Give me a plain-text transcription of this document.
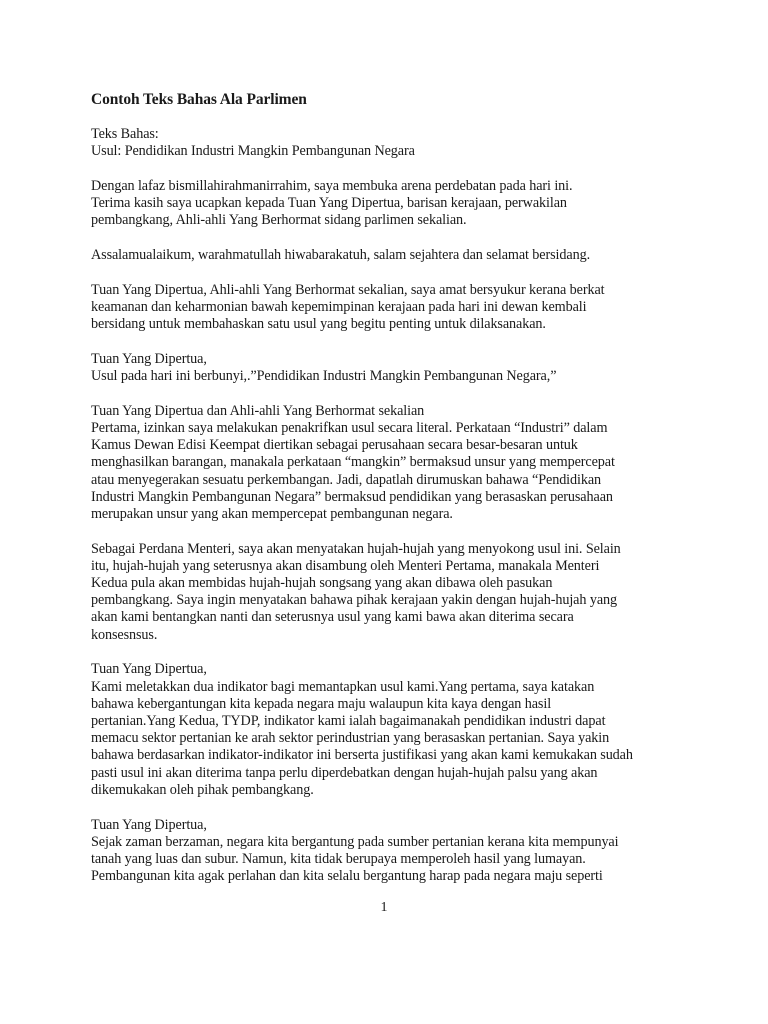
Contoh Teks Bahas Ala Parlimen
Teks Bahas:
Usul: Pendidikan Industri Mangkin Pembangunan Negara
Dengan lafaz bismillahirahmanirrahim, saya membuka arena perdebatan pada hari ini.
Terima kasih saya ucapkan kepada Tuan Yang Dipertua, barisan kerajaan, perwakilan
pembangkang, Ahli-ahli Yang Berhormat sidang parlimen sekalian.
Assalamualaikum, warahmatullah hiwabarakatuh, salam sejahtera dan selamat bersidang.
Tuan Yang Dipertua, Ahli-ahli Yang Berhormat sekalian, saya amat bersyukur kerana berkat
keamanan dan keharmonian bawah kepemimpinan kerajaan pada hari ini dewan kembali
bersidang untuk membahaskan satu usul yang begitu penting untuk dilaksanakan.
Tuan Yang Dipertua,
Usul pada hari ini berbunyi,.”Pendidikan Industri Mangkin Pembangunan Negara,”
Tuan Yang Dipertua dan Ahli-ahli Yang Berhormat sekalian
Pertama, izinkan saya melakukan penakrifkan usul secara literal. Perkataan “Industri” dalam
Kamus Dewan Edisi Keempat diertikan sebagai perusahaan secara besar-besaran untuk
menghasilkan barangan, manakala perkataan “mangkin” bermaksud unsur yang mempercepat
atau menyegerakan sesuatu perkembangan. Jadi, dapatlah dirumuskan bahawa “Pendidikan
Industri Mangkin Pembangunan Negara” bermaksud pendidikan yang berasaskan perusahaan
merupakan unsur yang akan mempercepat pembangunan negara.
Sebagai Perdana Menteri, saya akan menyatakan hujah-hujah yang menyokong usul ini. Selain
itu, hujah-hujah yang seterusnya akan disambung oleh Menteri Pertama, manakala Menteri
Kedua pula akan membidas hujah-hujah songsang yang akan dibawa oleh pasukan
pembangkang. Saya ingin menyatakan bahawa pihak kerajaan yakin dengan hujah-hujah yang
akan kami bentangkan nanti dan seterusnya usul yang kami bawa akan diterima secara
konsesnsus.
Tuan Yang Dipertua,
Kami meletakkan dua indikator bagi memantapkan usul kami.Yang pertama, saya katakan
bahawa kebergantungan kita kepada negara maju walaupun kita kaya dengan hasil
pertanian.Yang Kedua, TYDP, indikator kami ialah bagaimanakah pendidikan industri dapat
memacu sektor pertanian ke arah sektor perindustrian yang berasaskan pertanian. Saya yakin
bahawa berdasarkan indikator-indikator ini berserta justifikasi yang akan kami kemukakan sudah
pasti usul ini akan diterima tanpa perlu diperdebatkan dengan hujah-hujah palsu yang akan
dikemukakan oleh pihak pembangkang.
Tuan Yang Dipertua,
Sejak zaman berzaman, negara kita bergantung pada sumber pertanian kerana kita mempunyai
tanah yang luas dan subur. Namun, kita tidak berupaya memperoleh hasil yang lumayan.
Pembangunan kita agak perlahan dan kita selalu bergantung harap pada negara maju seperti
1
